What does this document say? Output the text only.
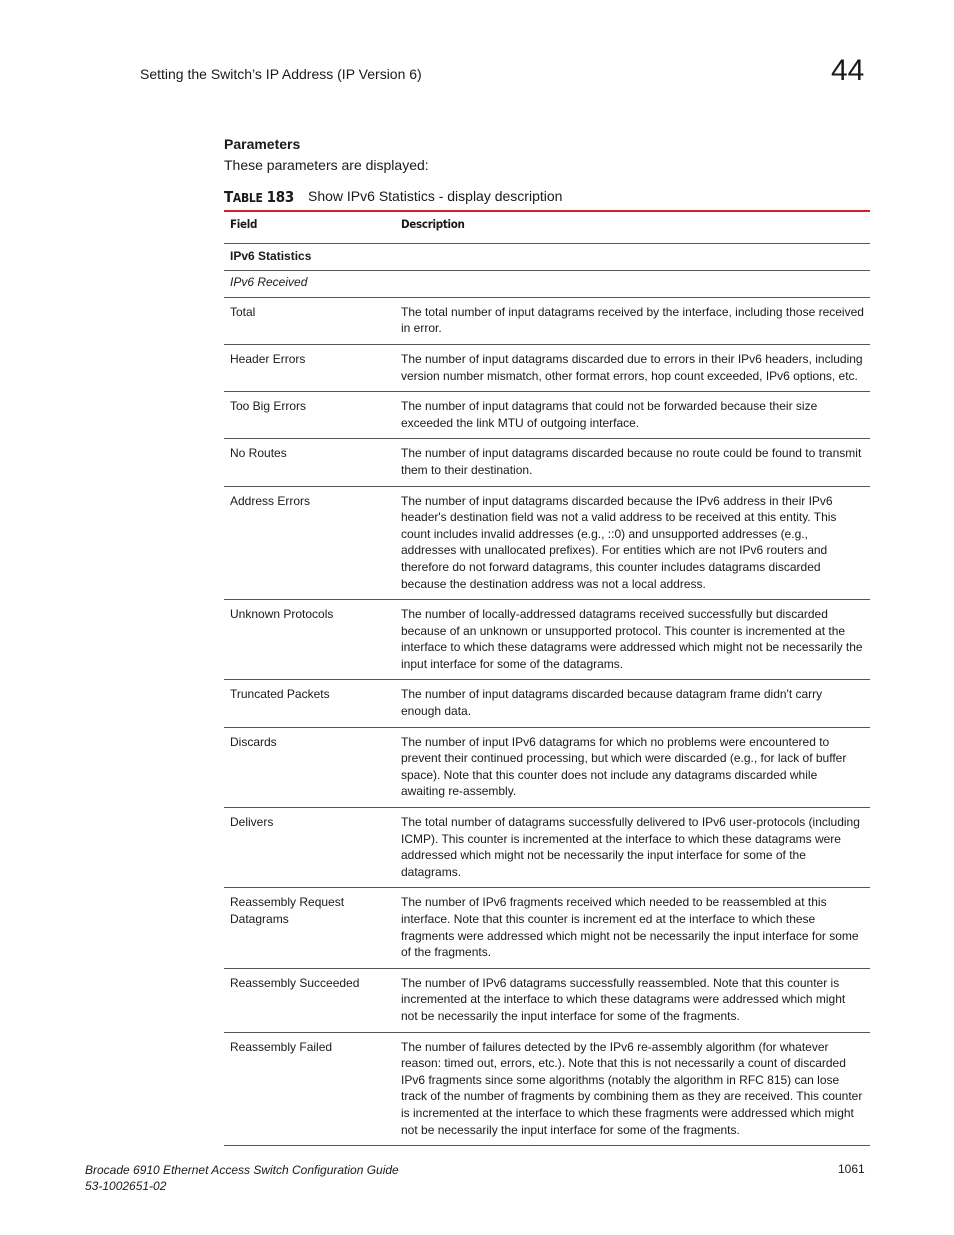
Setting the Switch’s IP Address (IP Version 6)	44
Parameters
These parameters are displayed:
TABLE 183 Show IPv6 Statistics - display description
Field	Description
IPv6 Statistics	
IPv6 Received	
Total	The total number of input datagrams received by the interface, including those received in error.
Header Errors	The number of input datagrams discarded due to errors in their IPv6 headers, including version number mismatch, other format errors, hop count exceeded, IPv6 options, etc.
Too Big Errors	The number of input datagrams that could not be forwarded because their size exceeded the link MTU of outgoing interface.
No Routes	The number of input datagrams discarded because no route could be found to transmit them to their destination.
Address Errors	The number of input datagrams discarded because the IPv6 address in their IPv6 header's destination field was not a valid address to be received at this entity. This count includes invalid addresses (e.g., ::0) and unsupported addresses (e.g., addresses with unallocated prefixes). For entities which are not IPv6 routers and therefore do not forward datagrams, this counter includes datagrams discarded because the destination address was not a local address.
Unknown Protocols	The number of locally-addressed datagrams received successfully but discarded because of an unknown or unsupported protocol. This counter is incremented at the interface to which these datagrams were addressed which might not be necessarily the input interface for some of the datagrams.
Truncated Packets	The number of input datagrams discarded because datagram frame didn't carry enough data.
Discards	The number of input IPv6 datagrams for which no problems were encountered to prevent their continued processing, but which were discarded (e.g., for lack of buffer space). Note that this counter does not include any datagrams discarded while awaiting re-assembly.
Delivers	The total number of datagrams successfully delivered to IPv6 user-protocols (including ICMP). This counter is incremented at the interface to which these datagrams were addressed which might not be necessarily the input interface for some of the datagrams.
Reassembly Request Datagrams	The number of IPv6 fragments received which needed to be reassembled at this interface. Note that this counter is increment ed at the interface to which these fragments were addressed which might not be necessarily the input interface for some of the fragments.
Reassembly Succeeded	The number of IPv6 datagrams successfully reassembled. Note that this counter is incremented at the interface to which these datagrams were addressed which might not be necessarily the input interface for some of the fragments.
Reassembly Failed	The number of failures detected by the IPv6 re-assembly algorithm (for whatever reason: timed out, errors, etc.). Note that this is not necessarily a count of discarded IPv6 fragments since some algorithms (notably the algorithm in RFC 815) can lose track of the number of fragments by combining them as they are received. This counter is incremented at the interface to which these fragments were addressed which might not be necessarily the input interface for some of the fragments.
Brocade 6910 Ethernet Access Switch Configuration Guide
53-1002651-02
1061
